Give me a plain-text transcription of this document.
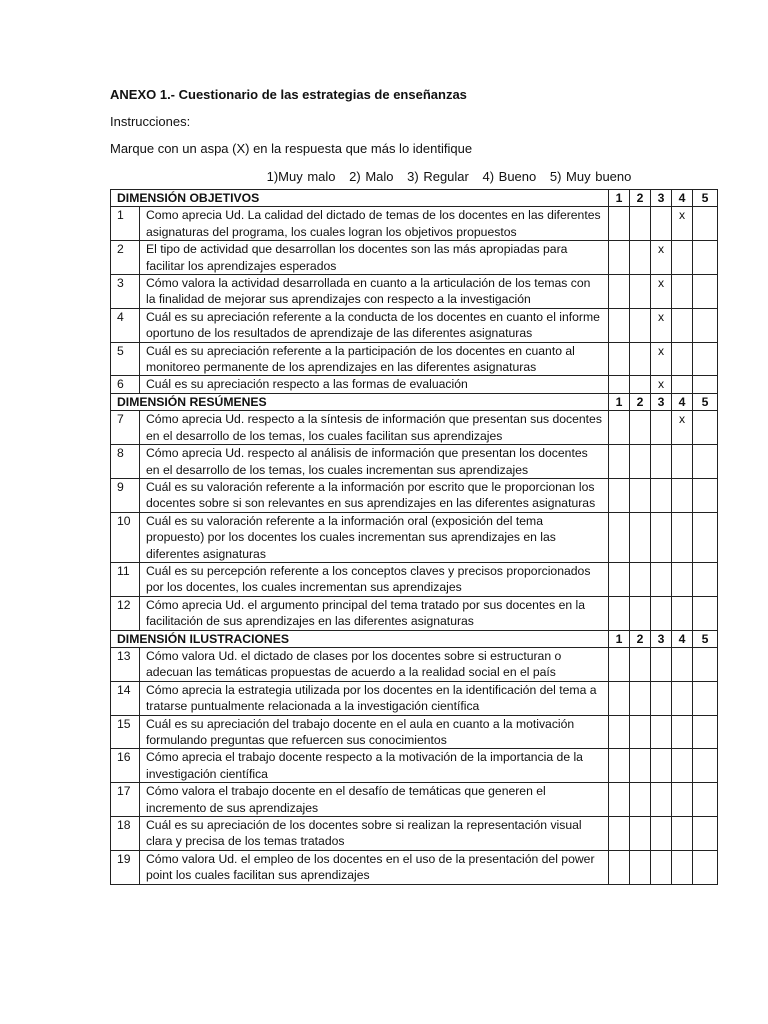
ANEXO 1.- Cuestionario de las estrategias de enseñanzas

Instrucciones:

Marque con un aspa (X) en la respuesta que más lo identifique

1)Muy malo 2) Malo 3) Regular 4) Bueno 5) Muy bueno
DIMENSIÓN OBJETIVOS		1	2	3	4	5
1	Como aprecia Ud. La calidad del dictado de temas de los docentes en las diferentes asignaturas del programa, los cuales logran los objetivos propuestos				x	
2	El tipo de actividad que desarrollan los docentes son las más apropiadas para facilitar los aprendizajes esperados			x		
3	Cómo valora la actividad desarrollada en cuanto a la articulación de los temas con la finalidad de mejorar sus aprendizajes con respecto a la investigación			x		
4	Cuál es su apreciación referente a la conducta de los docentes en cuanto el informe oportuno de los resultados de aprendizaje de las diferentes asignaturas			x		
5	Cuál es su apreciación referente a la participación de los docentes en cuanto al monitoreo permanente de los aprendizajes en las diferentes asignaturas			x		
6	Cuál es su apreciación respecto a las formas de evaluación			x		
DIMENSIÓN RESÚMENES		1	2	3	4	5
7	Cómo aprecia Ud. respecto a la síntesis de información que presentan sus docentes en el desarrollo de los temas, los cuales facilitan sus aprendizajes				x	
8	Cómo aprecia Ud. respecto al análisis de información que presentan los docentes en el desarrollo de los temas, los cuales incrementan sus aprendizajes					
9	Cuál es su valoración referente a la información por escrito que le proporcionan los docentes sobre si son relevantes en sus aprendizajes en las diferentes asignaturas					
10	Cuál es su valoración referente a la información oral (exposición del tema propuesto) por los docentes los cuales incrementan sus aprendizajes en las diferentes asignaturas					
11	Cuál es su percepción referente a los conceptos claves y precisos proporcionados por los docentes, los cuales incrementan sus aprendizajes					
12	Cómo aprecia Ud. el argumento principal del tema tratado por sus docentes en la facilitación de sus aprendizajes en las diferentes asignaturas					
DIMENSIÓN ILUSTRACIONES		1	2	3	4	5
13	Cómo valora Ud. el dictado de clases por los docentes sobre si estructuran o adecuan las temáticas propuestas de acuerdo a la realidad social en el país					
14	Cómo aprecia la estrategia utilizada por los docentes en la identificación del tema a tratarse puntualmente relacionada a la investigación científica					
15	Cuál es su apreciación del trabajo docente en el aula en cuanto a la motivación formulando preguntas que refuercen sus conocimientos					
16	Cómo aprecia el trabajo docente respecto a la motivación de la importancia de la investigación científica					
17	Cómo valora el trabajo docente en el desafío de temáticas que generen el incremento de sus aprendizajes					
18	Cuál es su apreciación de los docentes sobre si realizan la representación visual clara y precisa de los temas tratados					
19	Cómo valora Ud. el empleo de los docentes en el uso de la presentación del power point los cuales facilitan sus aprendizajes					
